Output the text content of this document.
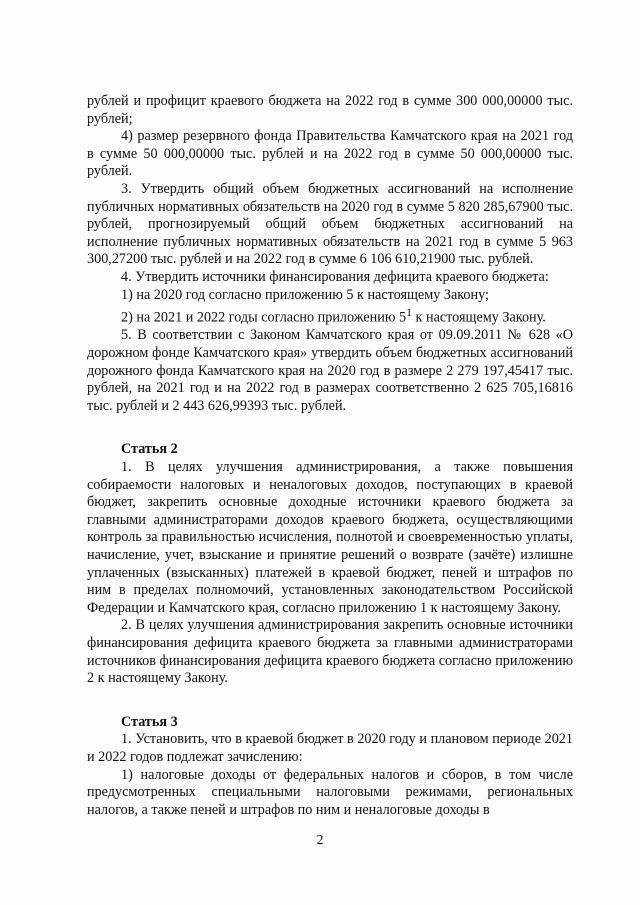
рублей и профицит краевого бюджета на 2022 год в сумме 300 000,00000 тыс. рублей;

4) размер резервного фонда Правительства Камчатского края на 2021 год в сумме 50 000,00000 тыс. рублей и на 2022 год в сумме 50 000,00000 тыс. рублей.

3. Утвердить общий объем бюджетных ассигнований на исполнение публичных нормативных обязательств на 2020 год в сумме 5 820 285,67900 тыс. рублей, прогнозируемый общий объем бюджетных ассигнований на исполнение публичных нормативных обязательств на 2021 год в сумме 5 963 300,27200 тыс. рублей и на 2022 год в сумме 6 106 610,21900 тыс. рублей.

4. Утвердить источники финансирования дефицита краевого бюджета:

1) на 2020 год согласно приложению 5 к настоящему Закону;

2) на 2021 и 2022 годы согласно приложению $5^1$ к настоящему Закону.

5. В соответствии с Законом Камчатского края от 09.09.2011 № 628 «О дорожном фонде Камчатского края» утвердить объем бюджетных ассигнований дорожного фонда Камчатского края на 2020 год в размере 2 279 197,45417 тыс. рублей, на 2021 год и на 2022 год в размерах соответственно 2 625 705,16816 тыс. рублей и 2 443 626,99393 тыс. рублей.

Статья 2

1. В целях улучшения администрирования, а также повышения собираемости налоговых и неналоговых доходов, поступающих в краевой бюджет, закрепить основные доходные источники краевого бюджета за главными администраторами доходов краевого бюджета, осуществляющими контроль за правильностью исчисления, полнотой и своевременностью уплаты, начисление, учет, взыскание и принятие решений о возврате (зачёте) излишне уплаченных (взысканных) платежей в краевой бюджет, пеней и штрафов по ним в пределах полномочий, установленных законодательством Российской Федерации и Камчатского края, согласно приложению 1 к настоящему Закону.

2. В целях улучшения администрирования закрепить основные источники финансирования дефицита краевого бюджета за главными администраторами источников финансирования дефицита краевого бюджета согласно приложению 2 к настоящему Закону.

Статья 3

1. Установить, что в краевой бюджет в 2020 году и плановом периоде 2021 и 2022 годов подлежат зачислению:

1) налоговые доходы от федеральных налогов и сборов, в том числе предусмотренных специальными налоговыми режимами, региональных налогов, а также пеней и штрафов по ним и неналоговые доходы в

2
